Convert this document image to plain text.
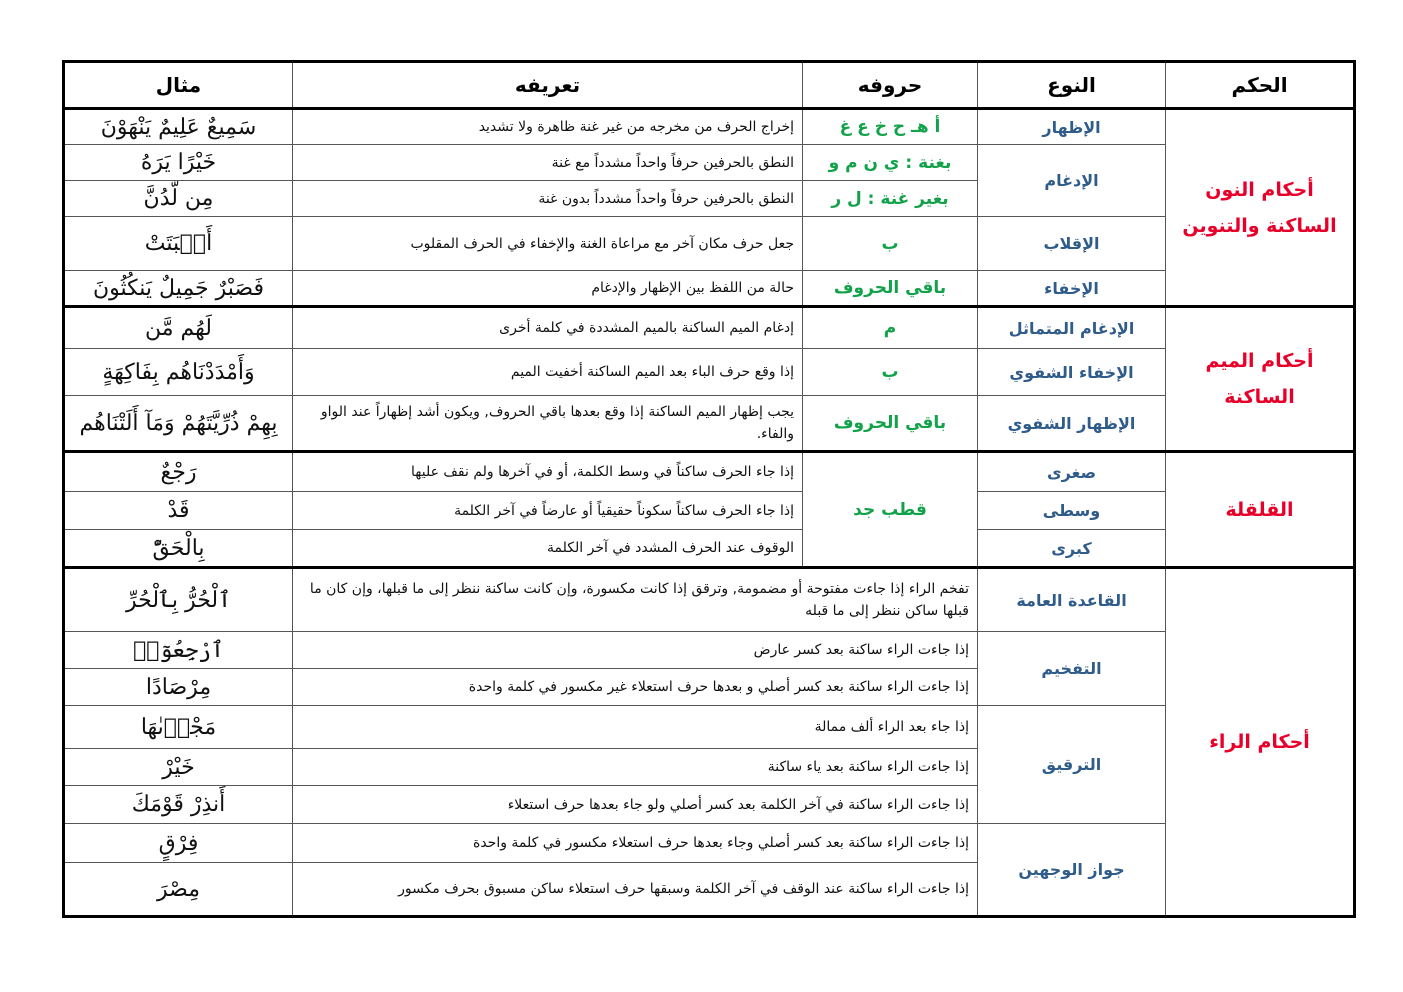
الحكم	النوع	حروفه	تعريفه	مثال
أحكام النون الساكنة والتنوين	الإظهار	أ هـ ح خ ع غ	إخراج الحرف من مخرجه من غير غنة ظاهرة ولا تشديد	سَمِيعٌ عَلِيمٌ يَنْهَوْنَ
	الإدغام	بغنة : ي ن م و	النطق بالحرفين حرفاً واحداً مشدداً مع غنة	خَيْرًا يَرَهُ
		بغير غنة : ل ر	النطق بالحرفين حرفاً واحداً مشدداً بدون غنة	مِن لَّدُنَّ
	الإقلاب	ب	جعل حرف مكان آخر مع مراعاة الغنة والإخفاء في الحرف المقلوب	أَنۢبَتَتْ
	الإخفاء	باقي الحروف	حالة من اللفظ بين الإظهار والإدغام	فَصَبْرٌ جَمِيلٌ يَنكُثُونَ
أحكام الميم الساكنة	الإدغام المتماثل	م	إدغام الميم الساكنة بالميم المشددة في كلمة أخرى	لَهُم مَّن
	الإخفاء الشفوي	ب	إذا وقع حرف الباء بعد الميم الساكنة أخفيت الميم	وَأَمْدَدْنَاهُم بِفَاكِهَةٍ
	الإظهار الشفوي	باقي الحروف	يجب إظهار الميم الساكنة إذا وقع بعدها باقي الحروف, ويكون أشد إظهاراً عند الواو والفاء.	بِهِمْ ذُرِّيَّتَهُمْ وَمَآ أَلَتْنَاهُم
القلقلة	صغرى	قطب جد	إذا جاء الحرف ساكناً في وسط الكلمة، أو في آخرها ولم نقف عليها	رَجْعٌ
	وسطى		إذا جاء الحرف ساكناً سكوناً حقيقياً أو عارضاً في آخر الكلمة	قَدْ
	كبرى		الوقوف عند الحرف المشدد في آخر الكلمة	بِالْحَقّْ
أحكام الراء	القاعدة العامة	تفخم الراء إذا جاءت مفتوحة أو مضمومة, وترقق إذا كانت مكسورة، وإن كانت ساكنة ننظر إلى ما قبلها، وإن كان ما قبلها ساكن ننظر إلى ما قبله		ٱلْحُرُّ بِٱلْحُرِّ
	التفخيم	إذا جاءت الراء ساكنة بعد كسر عارض		ٱرْجِعُوٓا۟
		إذا جاءت الراء ساكنة بعد كسر أصلي و بعدها حرف استعلاء غير مكسور في كلمة واحدة		مِرْصَادًا
	الترقيق	إذا جاء بعد الراء ألف ممالة		مَجْرٜىٰهَا
		إذا جاءت الراء ساكنة بعد ياء ساكنة		خَيْرْ
		إذا جاءت الراء ساكنة في آخر الكلمة بعد كسر أصلي ولو جاء بعدها حرف استعلاء		أَنذِرْ قَوْمَكَ
	جواز الوجهين	إذا جاءت الراء ساكنة بعد كسر أصلي وجاء بعدها حرف استعلاء مكسور في كلمة واحدة		فِرْقٍ
		إذا جاءت الراء ساكنة عند الوقف في آخر الكلمة وسبقها حرف استعلاء ساكن مسبوق بحرف مكسور		مِصْرَ
